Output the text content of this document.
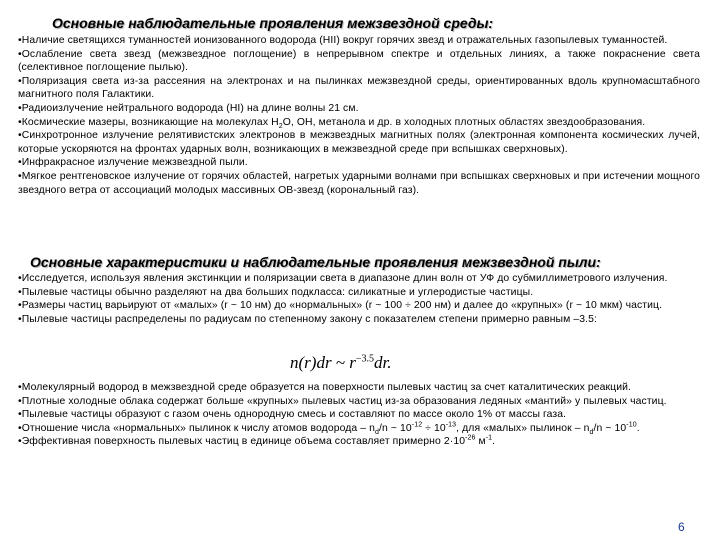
Основные наблюдательные проявления межзвездной среды:

•Наличие светящихся туманностей ионизованного водорода (HII) вокруг горячих звезд и отражательных газопылевых туманностей.

•Ослабление света звезд (межзвездное поглощение) в непрерывном спектре и отдельных линиях, а также покраснение света (селективное поглощение пылью).

•Поляризация света из-за рассеяния на электронах и на пылинках межзвездной среды, ориентированных вдоль крупномасштабного магнитного поля Галактики.

•Радиоизлучение нейтрального водорода (HI) на длине волны 21 см.

•Космические мазеры, возникающие на молекулах $H_2O$, OH, метанола и др. в холодных плотных областях звездообразования.

•Синхротронное излучение релятивистских электронов в межзвездных магнитных полях (электронная компонента космических лучей, которые ускоряются на фронтах ударных волн, возникающих в межзвездной среде при вспышках сверхновых).

•Инфракрасное излучение межзвездной пыли.

•Мягкое рентгеновское излучение от горячих областей, нагретых ударными волнами при вспышках сверхновых и при истечении мощного звездного ветра от ассоциаций молодых массивных OB-звезд (корональный газ).

Основные характеристики и наблюдательные проявления межзвездной пыли:

•Исследуется, используя явления экстинкции и поляризации света в диапазоне длин волн от УФ до субмиллиметрового излучения.

•Пылевые частицы обычно разделяют на два больших подкласса: силикатные и углеродистые частицы.

•Размеры частиц варьируют от «малых» (r ~ 10 нм) до «нормальных» (r ~ 100 ÷ 200 нм) и далее до «крупных» (r ~ 10 мкм) частиц.

•Пылевые частицы распределены по радиусам по степенному закону с показателем степени примерно равным –3.5:

n(r)dr ~ $r^{-3.5}dr$.

•Молекулярный водород в межзвездной среде образуется на поверхности пылевых частиц за счет каталитических реакций.

•Плотные холодные облака содержат больше «крупных» пылевых частиц из-за образования ледяных «мантий» у пылевых частиц.

•Пылевые частицы образуют с газом очень однородную смесь и составляют по массе около 1% от массы газа.

•Отношение числа «нормальных» пылинок к числу атомов водорода – $n_d/n$ ~ $10^{-12} \div 10^{-13}$, для «малых» пылинок – $n_d/n$ ~ $10^{-10}$.

•Эффективная поверхность пылевых частиц в единице объема составляет примерно $2\cdot 10^{-26}$ $м^{-1}$.

6
